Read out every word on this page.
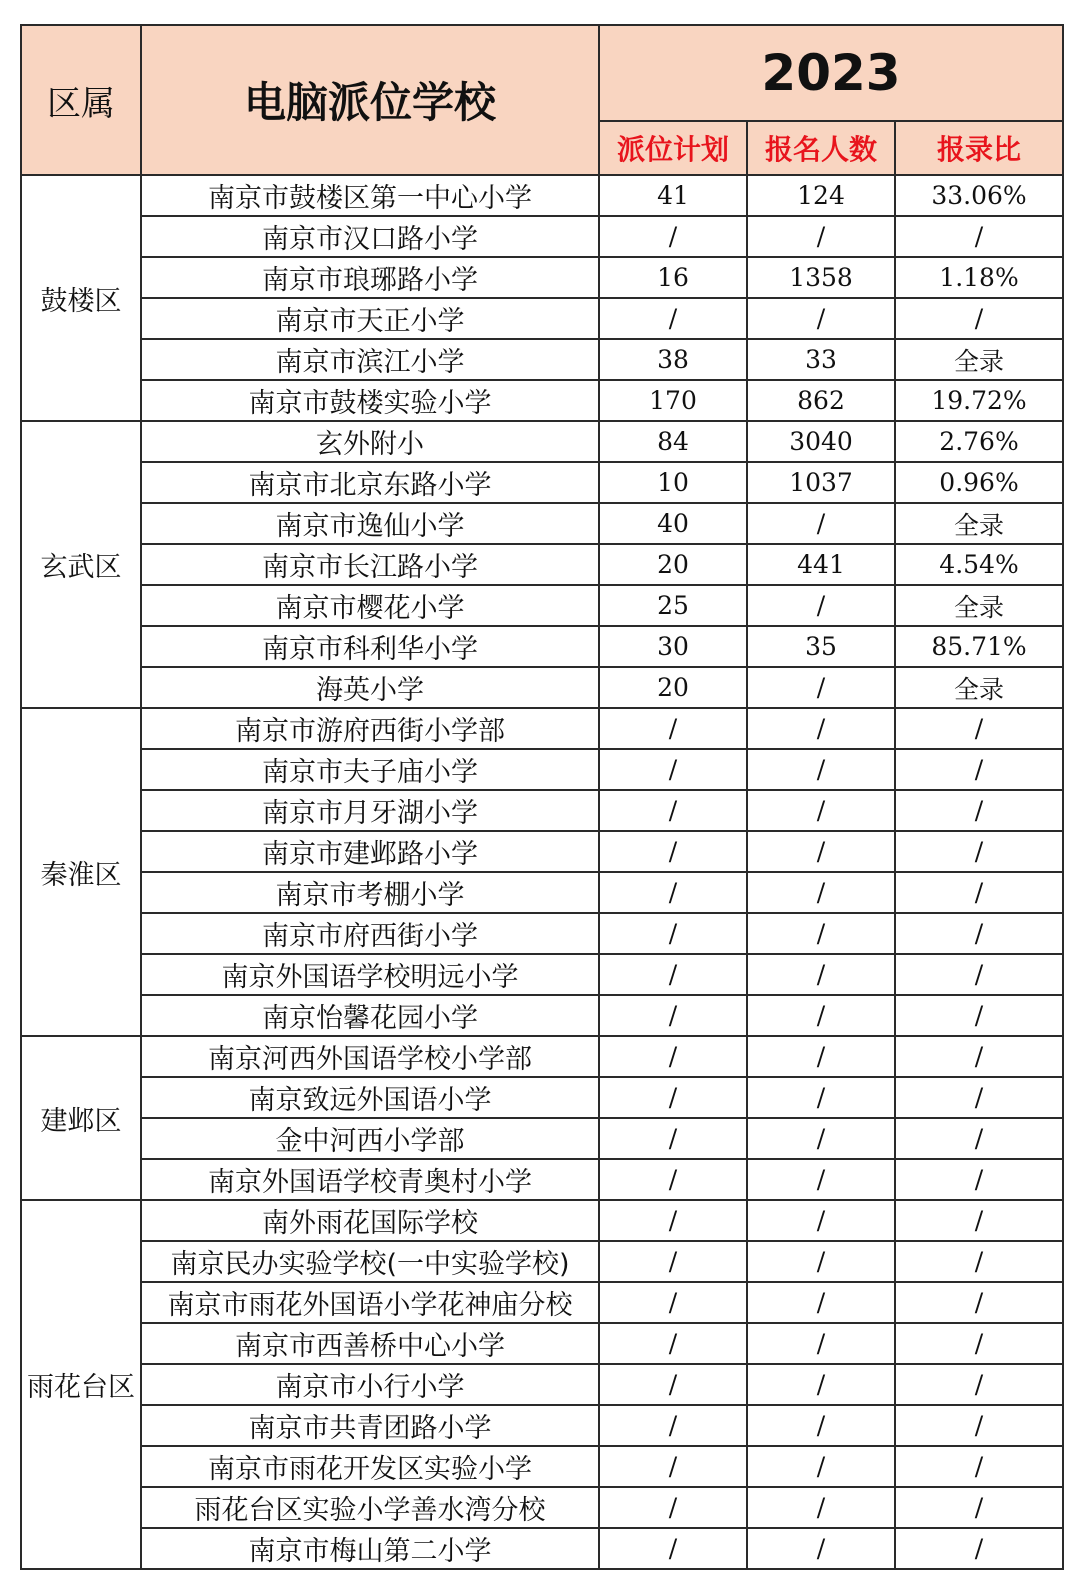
区属	电脑派位学校	2023		
		派位计划	报名人数	报录比
鼓楼区	南京市鼓楼区第一中心小学	41	124	33.06%
	南京市汉口路小学	/	/	/
	南京市琅琊路小学	16	1358	1.18%
	南京市天正小学	/	/	/
	南京市滨江小学	38	33	全录
	南京市鼓楼实验小学	170	862	19.72%
玄武区	玄外附小	84	3040	2.76%
	南京市北京东路小学	10	1037	0.96%
	南京市逸仙小学	40	/	全录
	南京市长江路小学	20	441	4.54%
	南京市樱花小学	25	/	全录
	南京市科利华小学	30	35	85.71%
	海英小学	20	/	全录
秦淮区	南京市游府西街小学部	/	/	/
	南京市夫子庙小学	/	/	/
	南京市月牙湖小学	/	/	/
	南京市建邺路小学	/	/	/
	南京市考棚小学	/	/	/
	南京市府西街小学	/	/	/
	南京外国语学校明远小学	/	/	/
	南京怡馨花园小学	/	/	/
建邺区	南京河西外国语学校小学部	/	/	/
	南京致远外国语小学	/	/	/
	金中河西小学部	/	/	/
	南京外国语学校青奥村小学	/	/	/
雨花台区	南外雨花国际学校	/	/	/
	南京民办实验学校(一中实验学校)	/	/	/
	南京市雨花外国语小学花神庙分校	/	/	/
	南京市西善桥中心小学	/	/	/
	南京市小行小学	/	/	/
	南京市共青团路小学	/	/	/
	南京市雨花开发区实验小学	/	/	/
	雨花台区实验小学善水湾分校	/	/	/
	南京市梅山第二小学	/	/	/
